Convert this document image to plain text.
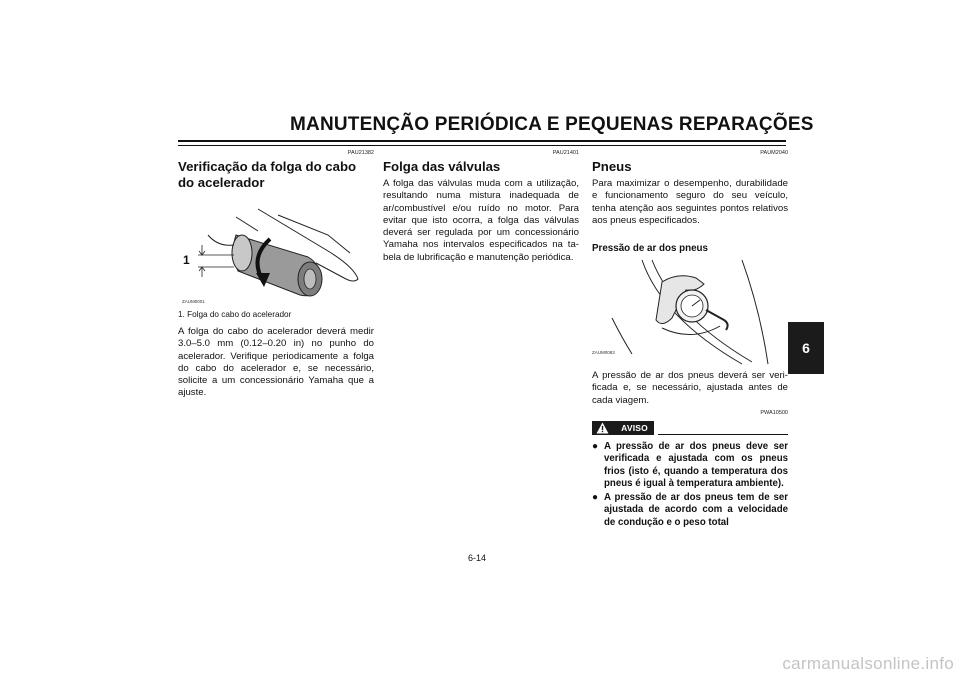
MANUTENÇÃO PERIÓDICA E PEQUENAS REPARAÇÕES
6
PAU21382
Verificação da folga do cabo do acelerador
1
ZAUM0001
1. Folga do cabo do acelerador
A folga do cabo do acelerador deverá medir 3.0–5.0 mm (0.12–0.20 in) no punho do acelerador. Verifique periodicamente a folga do cabo do acelerador e, se necessário, solicite a um concessionário Yamaha que a ajuste.
PAU21401
Folga das válvulas
A folga das válvulas muda com a utilização, resultando numa mistura inadequada de ar/combustível e/ou ruído no motor. Para evitar que isto ocorra, a folga das válvulas deverá ser regulada por um concessionário Yamaha nos intervalos especificados na tabela de lubrificação e manutenção periódica.
PAUM2040
Pneus
Para maximizar o desempenho, durabilidade e funcionamento seguro do seu veículo, tenha atenção aos seguintes pontos relativos aos pneus especificados.
Pressão de ar dos pneus
ZAUM0083
A pressão de ar dos pneus deverá ser verificada e, se necessário, ajustada antes de cada viagem.
PWA10500
AVISO
● A pressão de ar dos pneus deve ser verificada e ajustada com os pneus frios (isto é, quando a temperatura dos pneus é igual à temperatura ambiente).
● A pressão de ar dos pneus tem de ser ajustada de acordo com a velocidade de condução e o peso total
6-14
carmanualsonline.info
